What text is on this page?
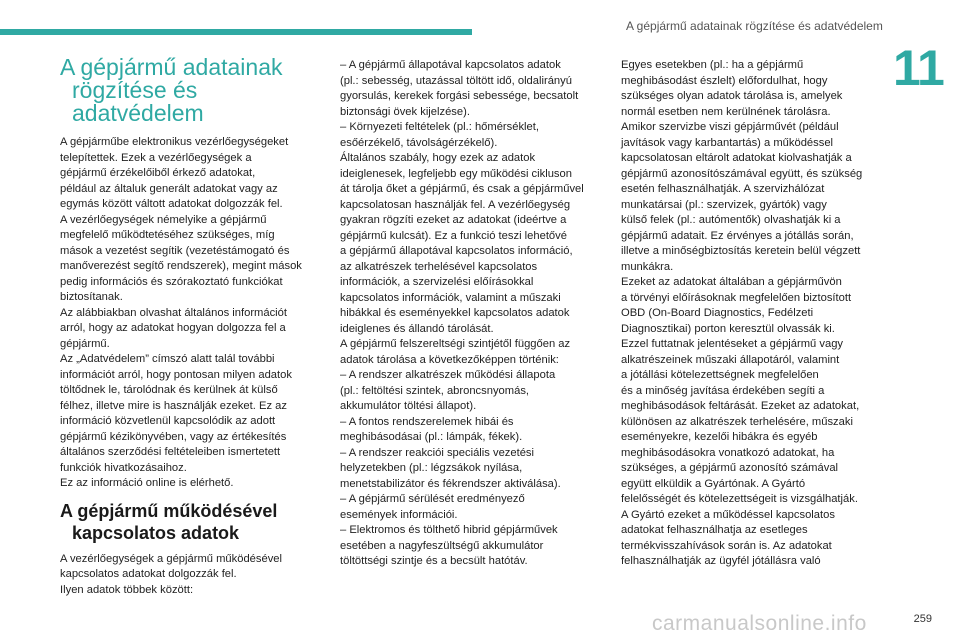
A gépjármű adatainak rögzítése és adatvédelem
11
A gépjármű adatainak
rögzítése és adatvédelem

A gépjárműbe elektronikus vezérlőegységeket

telepítettek. Ezek a vezérlőegységek a

gépjármű érzékelőiből érkező adatokat,

például az általuk generált adatokat vagy az

egymás között váltott adatokat dolgozzák fel.

A vezérlőegységek némelyike a gépjármű

megfelelő működtetéséhez szükséges, míg

mások a vezetést segítik (vezetéstámogató és

manőverezést segítő rendszerek), megint mások

pedig információs és szórakoztató funkciókat

biztosítanak.

Az alábbiakban olvashat általános információt

arról, hogy az adatokat hogyan dolgozza fel a

gépjármű.

Az „Adatvédelem” címszó alatt talál további

információt arról, hogy pontosan milyen adatok

töltődnek le, tárolódnak és kerülnek át külső

félhez, illetve mire is használják ezeket. Ez az

információ közvetlenül kapcsolódik az adott

gépjármű kézikönyvében, vagy az értékesítés

általános szerződési feltételeiben ismertetett

funkciók hivatkozásaihoz.

Ez az információ online is elérhető.

A gépjármű működésével
kapcsolatos adatok

A vezérlőegységek a gépjármű működésével

kapcsolatos adatokat dolgozzák fel.

Ilyen adatok többek között:

– A gépjármű állapotával kapcsolatos adatok

(pl.: sebesség, utazással töltött idő, oldalirányú

gyorsulás, kerekek forgási sebessége, becsatolt

biztonsági övek kijelzése).

– Környezeti feltételek (pl.: hőmérséklet,

esőérzékelő, távolságérzékelő).

Általános szabály, hogy ezek az adatok

ideiglenesek, legfeljebb egy működési cikluson

át tárolja őket a gépjármű, és csak a gépjárművel

kapcsolatosan használják fel. A vezérlőegység

gyakran rögzíti ezeket az adatokat (ideértve a

gépjármű kulcsát). Ez a funkció teszi lehetővé

a gépjármű állapotával kapcsolatos információ,

az alkatrészek terhelésével kapcsolatos

információk, a szervizelési előírásokkal

kapcsolatos információk, valamint a műszaki

hibákkal és eseményekkel kapcsolatos adatok

ideiglenes és állandó tárolását.

A gépjármű felszereltségi szintjétől függően az

adatok tárolása a következőképpen történik:

– A rendszer alkatrészek működési állapota

(pl.: feltöltési szintek, abroncsnyomás,

akkumulátor töltési állapot).

– A fontos rendszerelemek hibái és

meghibásodásai (pl.: lámpák, fékek).

– A rendszer reakciói speciális vezetési

helyzetekben (pl.: légzsákok nyílása,

menetstabilizátor és fékrendszer aktiválása).

– A gépjármű sérülését eredményező

események információi.

– Elektromos és tölthető hibrid gépjárművek

esetében a nagyfeszültségű akkumulátor

töltöttségi szintje és a becsült hatótáv.

Egyes esetekben (pl.: ha a gépjármű

meghibásodást észlelt) előfordulhat, hogy

szükséges olyan adatok tárolása is, amelyek

normál esetben nem kerülnének tárolásra.

Amikor szervizbe viszi gépjárművét (például

javítások vagy karbantartás) a működéssel

kapcsolatosan eltárolt adatokat kiolvashatják a

gépjármű azonosítószámával együtt, és szükség

esetén felhasználhatják. A szervizhálózat

munkatársai (pl.: szervizek, gyártók) vagy

külső felek (pl.: autómentők) olvashatják ki a

gépjármű adatait. Ez érvényes a jótállás során,

illetve a minőségbiztosítás keretein belül végzett

munkákra.

Ezeket az adatokat általában a gépjárművön

a törvényi előírásoknak megfelelően biztosított

OBD (On-Board Diagnostics, Fedélzeti

Diagnosztikai) porton keresztül olvassák ki.

Ezzel futtatnak jelentéseket a gépjármű vagy

alkatrészeinek műszaki állapotáról, valamint

a jótállási kötelezettségnek megfelelően

és a minőség javítása érdekében segíti a

meghibásodások feltárását. Ezeket az adatokat,

különösen az alkatrészek terhelésére, műszaki

eseményekre, kezelői hibákra és egyéb

meghibásodásokra vonatkozó adatokat, ha

szükséges, a gépjármű azonosító számával

együtt elküldik a Gyártónak. A Gyártó

felelősségét és kötelezettségeit is vizsgálhatják.

A Gyártó ezeket a működéssel kapcsolatos

adatokat felhasználhatja az esetleges

termékvisszahívások során is. Az adatokat

felhasználhatják az ügyfél jótállásra való

259
carmanualsonline.info
